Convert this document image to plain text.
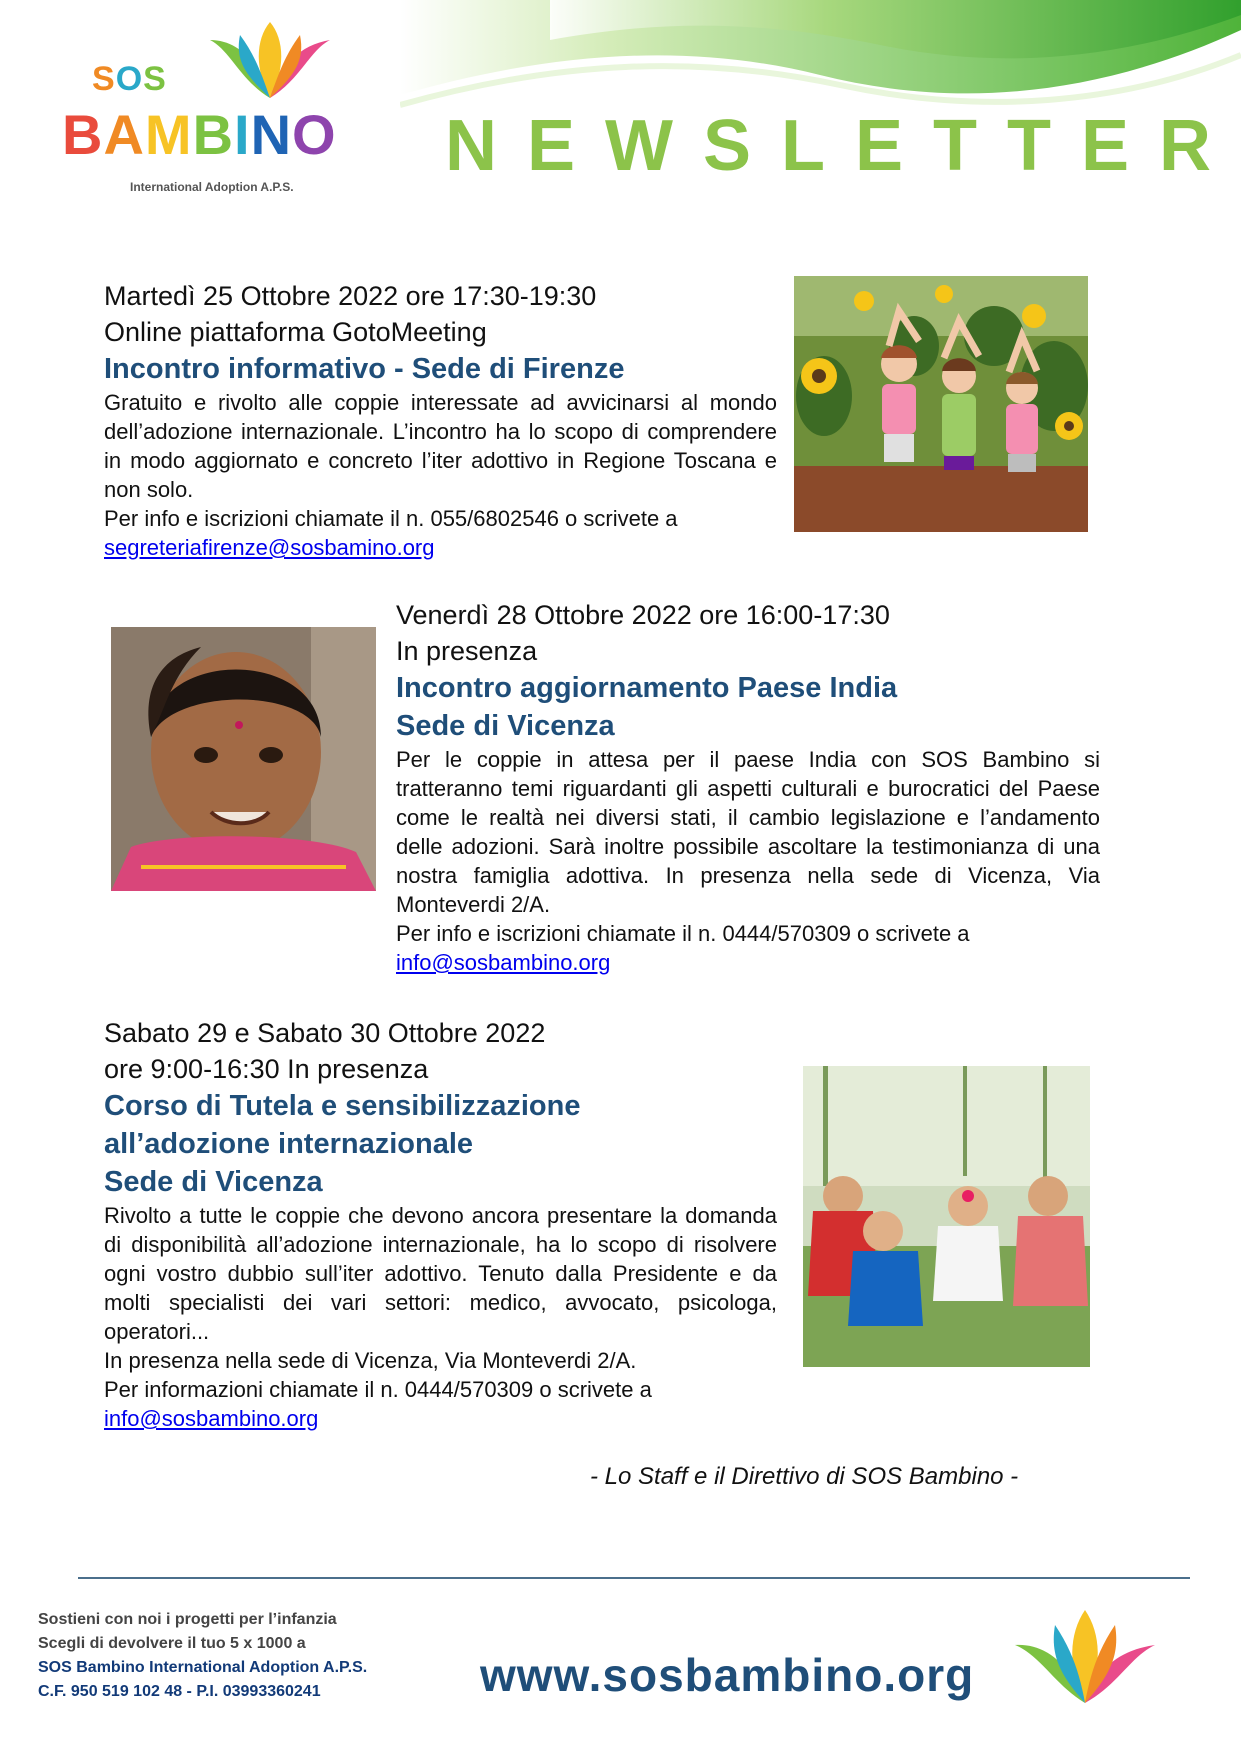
SOS
BAMBINO
International Adoption A.P.S.
NEWSLETTER
Martedì 25 Ottobre 2022 ore 17:30-19:30
Online piattaforma GotoMeeting
Incontro informativo - Sede di Firenze
Gratuito e rivolto alle coppie interessate ad avvicinarsi al mondo dell’adozione internazionale. L’incontro ha lo scopo di comprendere in modo aggiornato e concreto l’iter adottivo in Regione Toscana e non solo.
Per info e iscrizioni chiamate il n. 055/6802546 o scrivete a
segreteriafirenze@sosbamino.org
Venerdì 28 Ottobre 2022 ore 16:00-17:30
In presenza
Incontro aggiornamento Paese India
Sede di Vicenza
Per le coppie in attesa per il paese India con SOS Bambino si tratteranno temi riguardanti gli aspetti culturali e burocratici del Paese come le realtà nei diversi stati, il cambio legislazione e l’andamento delle adozioni. Sarà inoltre possibile ascoltare la testimonianza di una nostra famiglia adottiva. In presenza nella sede di Vicenza, Via Monteverdi 2/A.
Per info e iscrizioni chiamate il n. 0444/570309 o scrivete a
info@sosbambino.org
Sabato 29 e Sabato 30 Ottobre 2022
ore 9:00-16:30 In presenza
Corso di Tutela e sensibilizzazione
all’adozione internazionale
Sede di Vicenza
Rivolto a tutte le coppie che devono ancora presentare la domanda di disponibilità all’adozione internazionale, ha lo scopo di risolvere ogni vostro dubbio sull’iter adottivo. Tenuto dalla Presidente e da molti specialisti dei vari settori: medico, avvocato, psicologa, operatori...
In presenza nella sede di Vicenza, Via Monteverdi 2/A.
Per informazioni chiamate il n. 0444/570309 o scrivete a
info@sosbambino.org
- Lo Staff e il Direttivo di SOS Bambino -
Sostieni con noi i progetti per l’infanzia
Scegli di devolvere il tuo 5 x 1000 a
SOS Bambino International Adoption A.P.S.
C.F. 950 519 102 48 - P.I. 03993360241	www.sosbambino.org
